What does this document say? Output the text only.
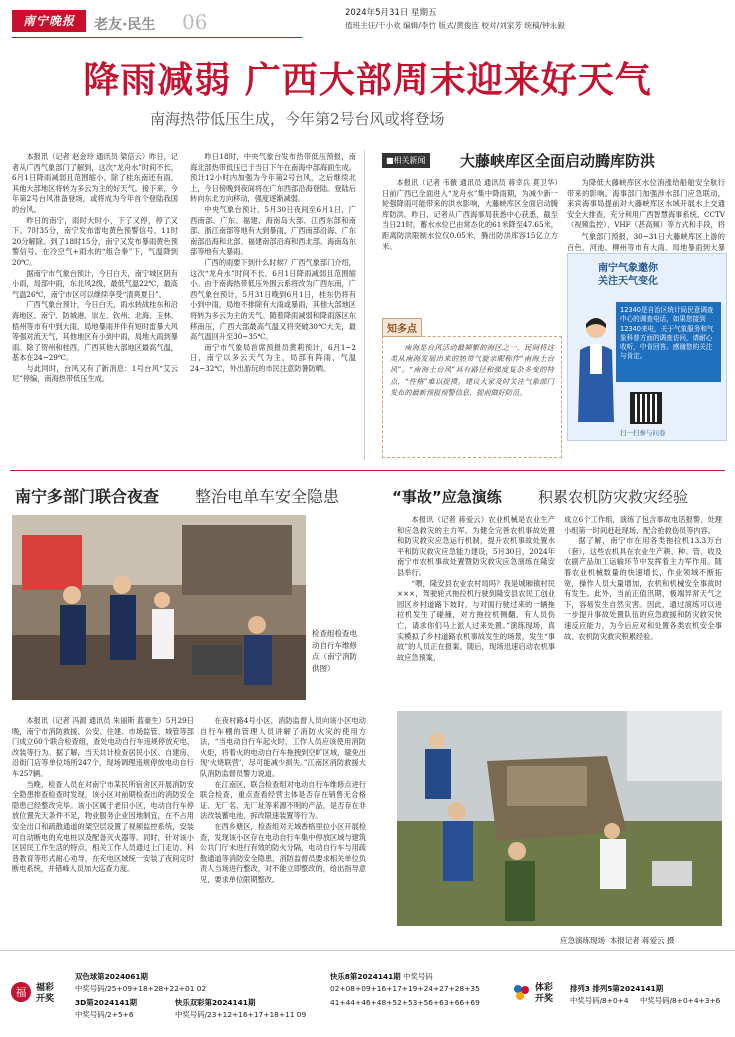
南宁晚报	老友·民生 06	2024年5月31日 星期五
值班主任/干小欢 编辑/李竹 版式/黄俊连 校对/刘家芳 统稿/钟永毅
降雨减弱 广西大部周末迎来好天气
南海热带低压生成，今年第2号台风或将登场

本报讯（记者 赵金玲 通讯员 梁倍云）昨日，记者从广西气象部门了解到，这次“龙舟水”时间不长，6月1日降雨减弱且范围缩小，除了桂东南还有雨，其他大部地区将转为多云为主的好天气。接下来，今年第2号台风准备登场，或将成为今年首个登陆我国的台风。

昨日的南宁，雨时大时小，下了又停，停了又下。7时35分，南宁发布雷电黄色预警信号，11时20分解除。到了18时15分，南宁又发布暴雨黄色预警信号。在冷空气+雨水的“组合拳”下，气温降到20℃。

据南宁市气象台预计，今日白天，南宁城区阴有小雨，局部中雨，东北风2级，最低气温22℃，最高气温26℃，南宁市区可以继续享受“清爽夏日”。

广西气象台预计，今日白天，雨水转战桂东和沿海地区。南宁、防城港、崇左、钦州、北海、玉林、梧州等市有中到大雨，局地暴雨并伴有短时雷暴大风等强对流天气，其他地区有小到中雨，局地大雨到暴雨。除了贺州和桂西，广西其他大部地区最高气温，基本在24~29℃。

与此同时，台风又有了新消息：1号台风“艾云尼”停编，南海热带低压生成。

昨日18时，中央气象台发布热带低压预报，南海北部热带低压已于当日下午在南海中部海面生成。预计12小时内加强为今年第2号台风，之后继续北上，今日傍晚到夜间将在广东西部沿海登陆。登陆后转向东北方向移动，强度逐渐减弱。

中央气象台预计，5月30日夜间至6月1日，广西南部、广东、福建、海南岛大部、江西东部和南部、浙江南部等地有大到暴雨，广西南部沿海、广东南部沿海和北部、福建南部沿海和西北部、海南岛东部等地有大暴雨。

广西的雨要下到什么时候？广西气象部门介绍，这次“龙舟水”时间不长，6月1日降雨减弱且范围缩小。由于南海热带低压外围云系将改为广西东南，广西气象台预计，5月31日晚到6月1日，桂东仍将有小到中雨，局地不排除有大雨或暴雨，其他大部地区将转为多云为主的天气。随着降雨减弱和降雨落区东移南压，广西大部最高气温又将突破30℃大关，最高气温回升至30~35℃。

南宁市气象局首席预报员黄莉预计，6月1~2日，南宁以多云天气为主，局部有阵雨，气温24~32℃，外出游玩的市民注意防暑防晒。

■相关新闻 大藤峡库区全面启动腾库防洪

本报讯（记者 韦薇 通讯员 通讯员 蒋幸兵 莫卫华）日前广西已全面进入“龙舟水”集中降雨期，为减少新一轮强降雨可能带来的洪水影响，大藤峡库区全面启动腾库防洪。昨日，记者从广西海事局获悉中心获悉，截至当日21时，蓄水水位已由常态化的61米降至47.65米，距离防洪限制水位仅0.05米，腾出防洪库容15亿立方米。

为降低大藤峡库区水位消涨给船舶安全航行带来的影响，海事部门加强涉水部门应急联动，来宾海事局提前对大藤峡库区水域开展水上交通安全大排查，充分利用广西智慧海事系统、CCTV（视频监控）、VHF（甚高频）等方式和手段，将

气象部门预报，30~31日大藤峡库区上游的百色、河池、柳州等市有大雨、局地暴雨到大暴

南宁气象邀你
关注天气变化
12340是自治区统计局民意调查中心的调查电话，如果您接到12340来电，关于气象服务和气象科普方面的调查访问，请耐心收听，中肯回答。感谢您的关注与肯定。
扫一扫参与问卷
知多点

南海是台风活动最频繁的海区之一。民间将这类从南海发展出来的热带气旋亲昵称作“南海土台风”。“南海土台风”具有路径和强度复杂多变的特点，“性格”难以捉摸。建议大家及时关注气象部门发布的最新预报预警信息，提前做好防范。

南宁多部门联合夜查 整治电单车安全隐患
检查组检查电动自行车维修点（南宁消防供图）

本报讯（记者 冯源 通讯员 朱丽斯 蓝豪生）5月29日晚，南宁市消防救援、公安、住建、市场监管、城管等部门成立60个联合检查组，查处电动自行车违规停放充电、改装等行为。据了解，当天共计检查居民小区、自建房、沿街门店等单位场所247个，现场调理违规停放电动自行车257辆。

当晚，检查人员在对南宁市某民所宿舍区开展消防安全隐患排查检查时发现，该小区对前期检查出的消防安全隐患已经整改完毕。该小区属于老旧小区，电动自行车停放位置先天条件不足，物业服务企业因地制宜，在不占用安全出口和疏散通道的架空层设置了视频监控系统，安装可自动断电的充电桩以及配备灭火器等。同时，针对该小区居民工作生活的特点，相关工作人员通过上门走访、科普教育等形式耐心劝导，在充电区域统一安装了夜间定时断电系统，并错峰人员加大巡查力度。

在夜村路4号小区，消防监督人员向该小区电动自行车棚的管理人员讲解了消防火灾的使用方法，“当电动自行车起火时，工作人员应该使用消防火炬，将着火的电动自行车拖拽到空旷区域，避免出现‘火烧联营’，尽可能减少损失。”江南区消防救援大队消防监督员警力说道。

在江南区，联合检查组对电动自行车维修点进行联合检查，重点查看经营主体是否存在销售无合格证、无厂名、无厂址等来源不明的产品，是否存在非法改装蓄电池、拆改限速装置等行为。

在西乡塘区，检查组对天域香格里拉小区开展检查，发现该小区存在电动自行车集中停放区域与建筑公共门厅未进行有效的防火分隔，电动自行车与用疏散通道等消防安全隐患，消防监督员要求相关单位负责人当场进行整改，对不能立即整改的，给出指导意见，要求单位限期整改。

“事故”应急演练 积累农机防灾救灾经验

本报讯（记者 蒋爱云）农业机械是农业生产和应急救灾的主力军。为健全完善农机事故处置和防灾救灾应急运行机制，提升农机事故处置水平和防灾救灾应急能力建设，5月30日，2024年南宁市农机事故处置暨防灾救灾应急演练在隆安县举行。

“喂，隆安县农业农村局吗？我是城厢镇村民×××，驾驶轮式拖拉机行驶到隆安县农民工创业园区乡村道路下坡时，与对面行驶过来的一辆拖拉机发生了碰撞，对方拖拉机侧翻，有人员伤亡，请求你们马上派人过来处置。”演练现场，真实模拟了乡村道路农机事故发生的场景，发生“事故”的人员正在报案。随后，现场迅速启动农机事故应急预案，

成立6个工作组，演练了包含事故电话报警、处理小组第一时间赶赴现场、配合抢救伤员等内容。

据了解，南宁市在用各类拖拉机13.3万台（套），这些农机具在农业生产耕、种、管、收及农副产品加工运输环节中发挥着主力军作用。随着农业机械数量的快速增长，作业领域不断拓宽，操作人员大量增加，农机和机械安全事故时有发生。此外，当前正值汛期，极端异常天气之下，容易发生自然灾害。因此，通过演练可以进一步提升事故处置队伍的应急救援和防灾救灾快速反应能力，为今后应对和处置各类农机安全事故、农机防灾救灾积累经验。

应急演练现场  本报记者 蒋爱云 摄
福 福彩开奖
双色球第2024061期
中奖号码/25+09+18+28+22+01 02
3D第2024141期
中奖号码/2+5+6
快乐双彩第2024141期
中奖号码/23+12+16+17+18+11 09
快乐8第2024141期 中奖号码
02+08+09+16+17+19+24+27+28+35
41+44+46+48+52+53+56+63+66+69
体彩开奖
排列3 排列5第2024141期
中奖号码/8+0+4 中奖号码/8+0+4+3+6
